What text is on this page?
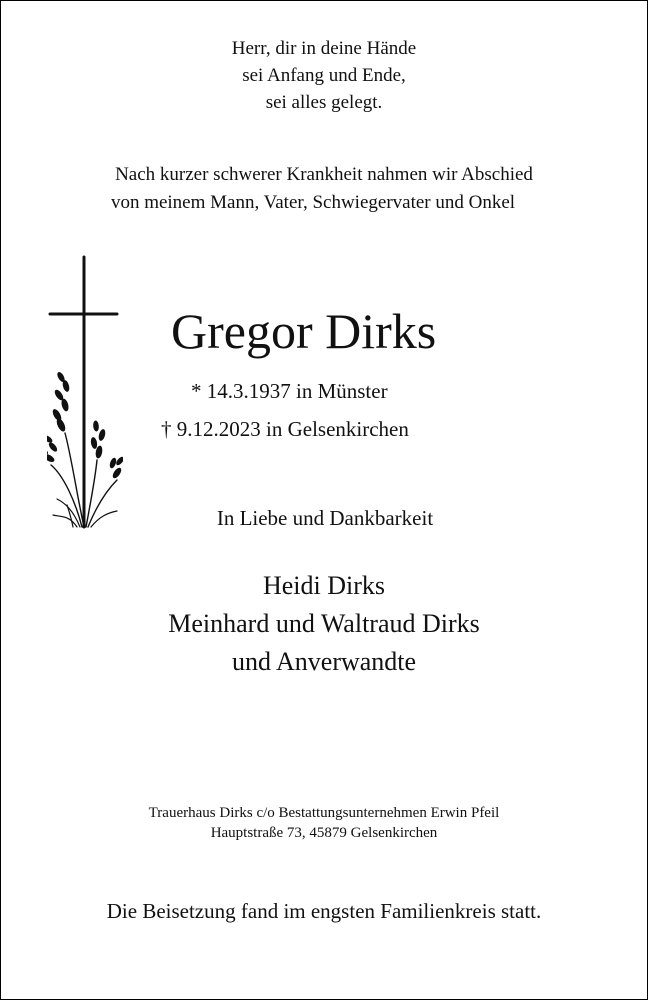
Herr, dir in deine Hände
sei Anfang und Ende,
sei alles gelegt.
Nach kurzer schwerer Krankheit nahmen wir Abschied
von meinem Mann, Vater, Schwiegervater und Onkel
Gregor Dirks
* 14.3.1937 in Münster
† 9.12.2023 in Gelsenkirchen
In Liebe und Dankbarkeit
Heidi Dirks
Meinhard und Waltraud Dirks
und Anverwandte
Trauerhaus Dirks c/o Bestattungsunternehmen Erwin Pfeil
Hauptstraße 73, 45879 Gelsenkirchen
Die Beisetzung fand im engsten Familienkreis statt.
